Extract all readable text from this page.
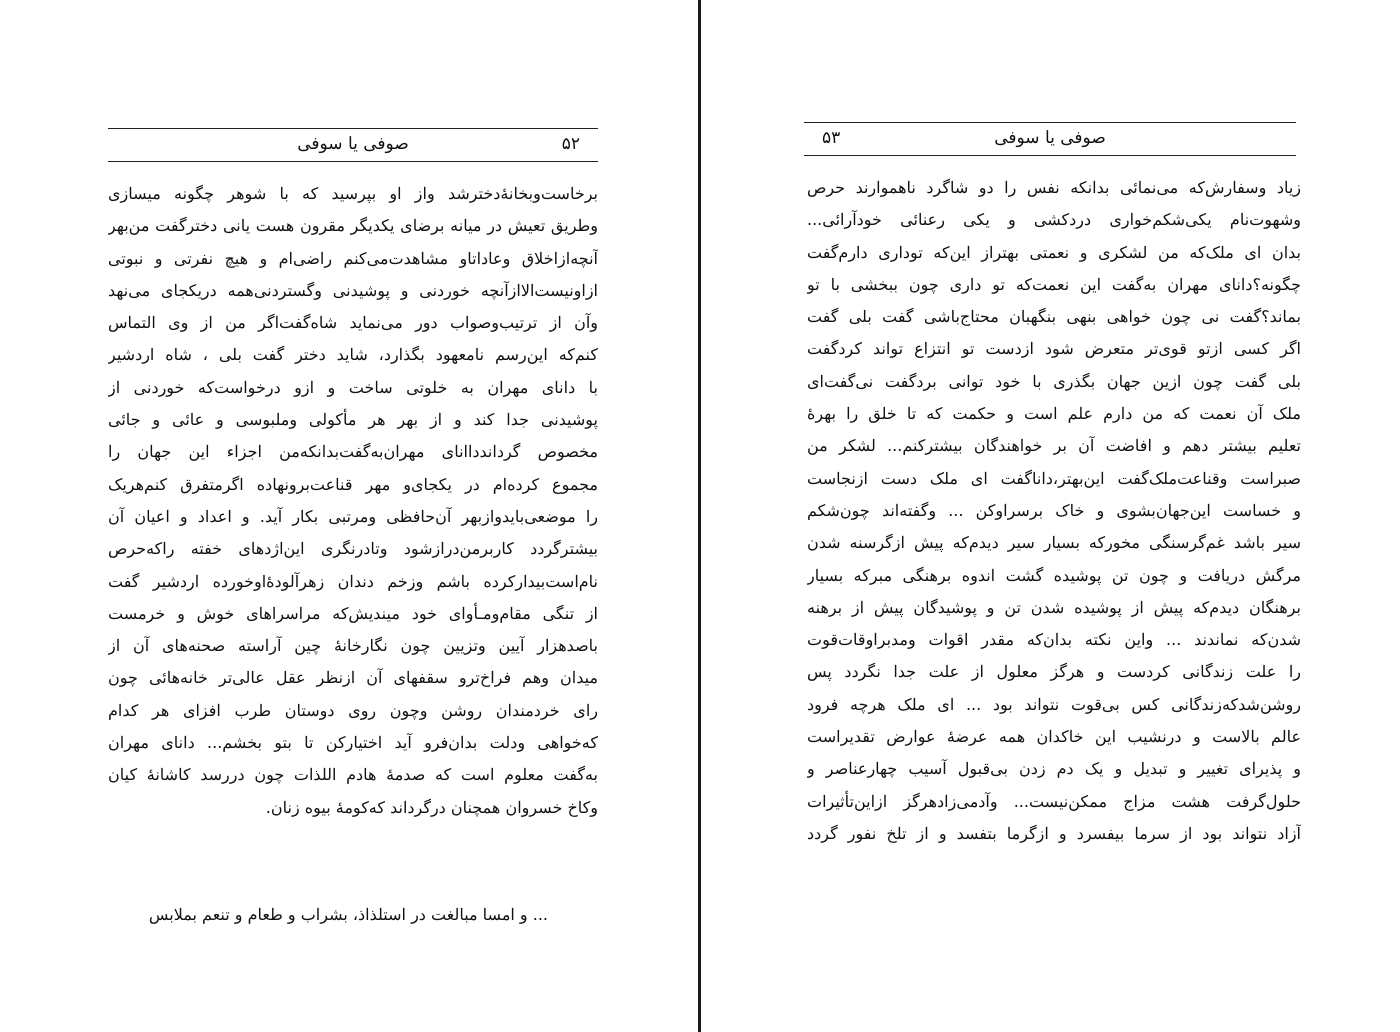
صوفی یا سوفی	۵۲
برخاست‌وبخانۀدخترشد واز او بپرسید که با شوهر چگونه میسازی
وطریق تعیش در میانه برضای یکدیگر مقرون هست یانی دخترگفت من‌بهر
آنچه‌ازاخلاق وعاداتاو مشاهدت‌می‌کنم راضی‌ام و هیچ نفرتی و نبوتی
ازاونیست‌الاازآنچه خوردنی و پوشیدنی وگستردنی‌همه دریکجای می‌نهد
وآن از ترتیب‌وصواب دور می‌نماید شاه‌گفت‌اگر من از وی التماس
کنم‌که این‌رسم نامعهود بگذارد، شاید دختر گفت بلی ، شاه اردشیر
با دانای مهران به خلوتی ساخت و ازو درخواست‌که خوردنی از
پوشیدنی جدا کند و از بهر هر مأکولی وملبوسی و عائی و جائی
مخصوص گرداندداانای مهران‌به‌گفت‌بدانکه‌من اجزاء این جهان را
مجموع کرده‌ام در یکجای‌و مهر قناعت‌برونهاده اگرمتفرق کنم‌هریک
را موضعی‌بایدوازبهر آن‌حافظی ومرتبی بکار آید. و اعداد و اعیان آن
بیشترگردد کاربرمن‌درازشود وتادرنگری این‌اژدهای خفته راکه‌حرص
نام‌است‌بیدارکرده باشم وزخم دندان زهرآلودۀاوخورده اردشیر گفت
از تنگی مقام‌ومـأوای خود میندیش‌که مراسراهای خوش و خرمست
باصدهزار آیین وتزیین چون نگارخانۀ چین آراسته صحنه‌های آن از
میدان وهم فراخ‌ترو سقفهای آن ازنظر عقل عالی‌تر خانه‌هائی چون
رای خردمندان روشن وچون روی دوستان طرب افزای هر کدام
که‌خواهی ودلت بدان‌فرو آید اختیارکن تا بتو بخشم... دانای مهران
به‌گفت معلوم است که صدمۀ هادم اللذات چون دررسد کاشانۀ کیان
وکاخ خسروان همچنان درگرداند که‌کومۀ بیوه زنان.
... و امسا مبالغت در استلذاذ، بشراب و طعام و تنعم بملابس
صوفی یا سوفی
۵۳
زیاد وسفارش‌که می‌نمائی بدانکه نفس را دو شاگرد ناهموارند حرص
وشهوت‌نام یکی‌شکم‌خواری دردکشی و یکی رعنائی خودآرائی...
بدان ای ملک‌که من لشکری و نعمتی بهتراز این‌که توداری دارم‌گفت
چگونه؟دانای مهران به‌گفت این نعمت‌که تو داری چون ببخشی با تو
بماند؟گفت نی چون خواهی بنهی بنگهبان محتاج‌باشی گفت بلی گفت
اگر کسی ازتو قوی‌تر متعرض شود ازدست تو انتزاع تواند کردگفت
بلی گفت چون ازین جهان بگذری با خود توانی بردگفت نی‌گفت‌ای
ملک آن نعمت که من دارم علم است و حکمت که تا خلق را بهرۀ
تعلیم بیشتر دهم و افاضت آن بر خواهندگان بیشترکنم... لشکر من
صبراست وقناعت‌ملک‌گفت این‌بهتر،داناگفت ای ملک دست ازنجاست
و خساست این‌جهان‌بشوی و خاک برسراوکن ... وگفته‌اند چون‌شکم
سیر باشد غم‌گرسنگی مخورکه بسیار سیر دیدم‌که پیش ازگرسنه شدن
مرگش دریافت و چون تن پوشیده گشت اندوه برهنگی مبرکه بسیار
برهنگان دیدم‌که پیش از پوشیده شدن تن و پوشیدگان پیش از برهنه
شدن‌که نماندند ... واین نکته بدان‌که مقدر اقوات ومدبراوقات‌قوت
را علت زندگانی کردست و هرگز معلول از علت جدا نگردد پس
روشن‌شدکه‌زندگانی کس بی‌قوت نتواند بود ... ای ملک هرچه فرود
عالم بالاست و درنشیب این خاکدان همه عرضۀ عوارض تقدیراست
و پذیرای تغییر و تبدیل و یک دم زدن بی‌قبول آسیب چهارعناصر و
حلول‌گرفت هشت مزاج ممکن‌نیست... وآدمی‌زادهرگز ازاین‌تأثیرات
آزاد نتواند بود از سرما بیفسرد و ازگرما بتفسد و از تلخ نفور گردد
